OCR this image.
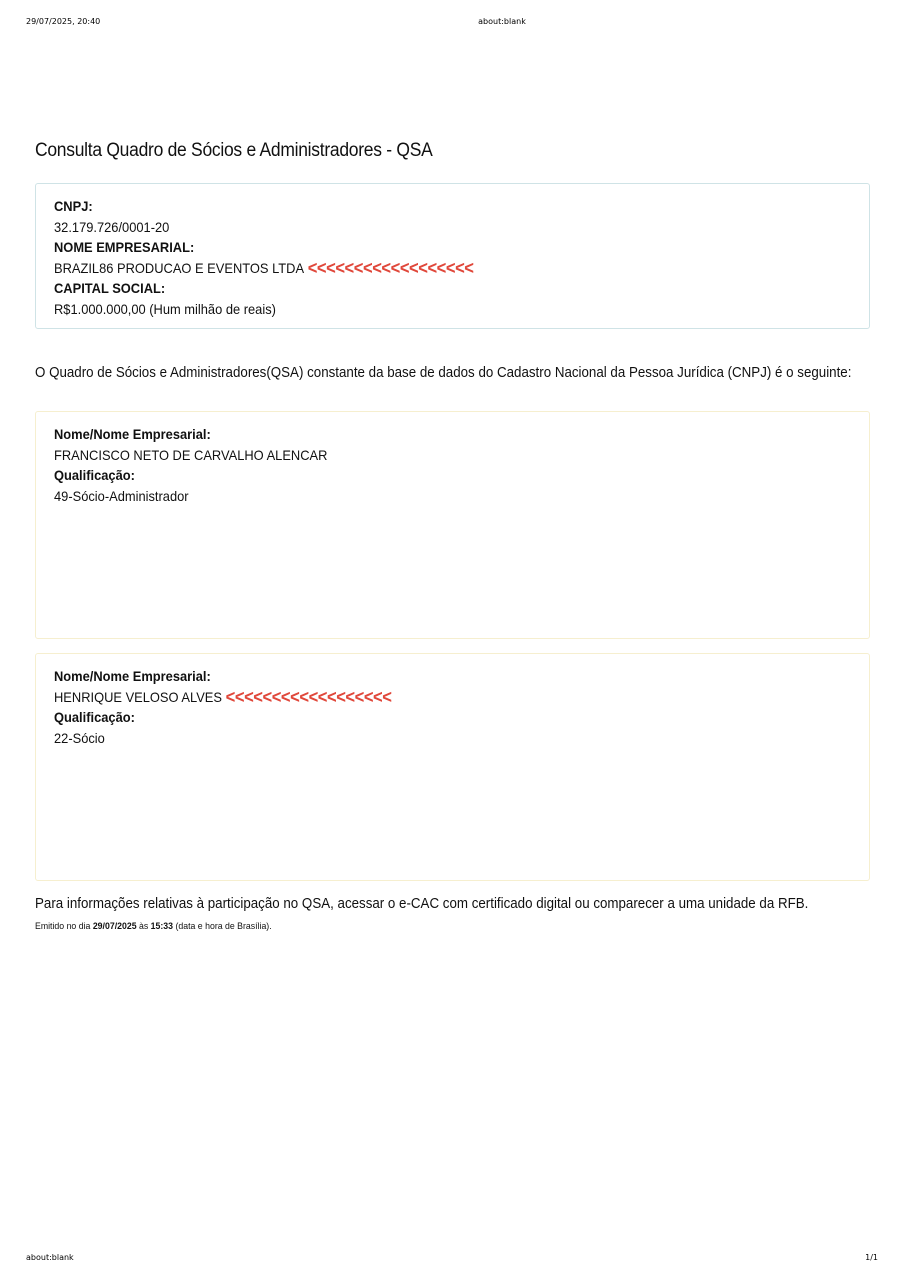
29/07/2025, 20:40	about:blank
Consulta Quadro de Sócios e Administradores - QSA
CNPJ:
32.179.726/0001-20
NOME EMPRESARIAL:
BRAZIL86 PRODUCAO E EVENTOS LTDA <<<<<<<<<<<<<<<<<<
CAPITAL SOCIAL:
R$1.000.000,00 (Hum milhão de reais)
O Quadro de Sócios e Administradores(QSA) constante da base de dados do Cadastro Nacional da Pessoa Jurídica (CNPJ) é o seguinte:
Nome/Nome Empresarial:
FRANCISCO NETO DE CARVALHO ALENCAR
Qualificação:
49-Sócio-Administrador
Nome/Nome Empresarial:
HENRIQUE VELOSO ALVES <<<<<<<<<<<<<<<<<<
Qualificação:
22-Sócio
Para informações relativas à participação no QSA, acessar o e-CAC com certificado digital ou comparecer a uma unidade da RFB.
Emitido no dia 29/07/2025 às 15:33 (data e hora de Brasília).
about:blank	1/1
